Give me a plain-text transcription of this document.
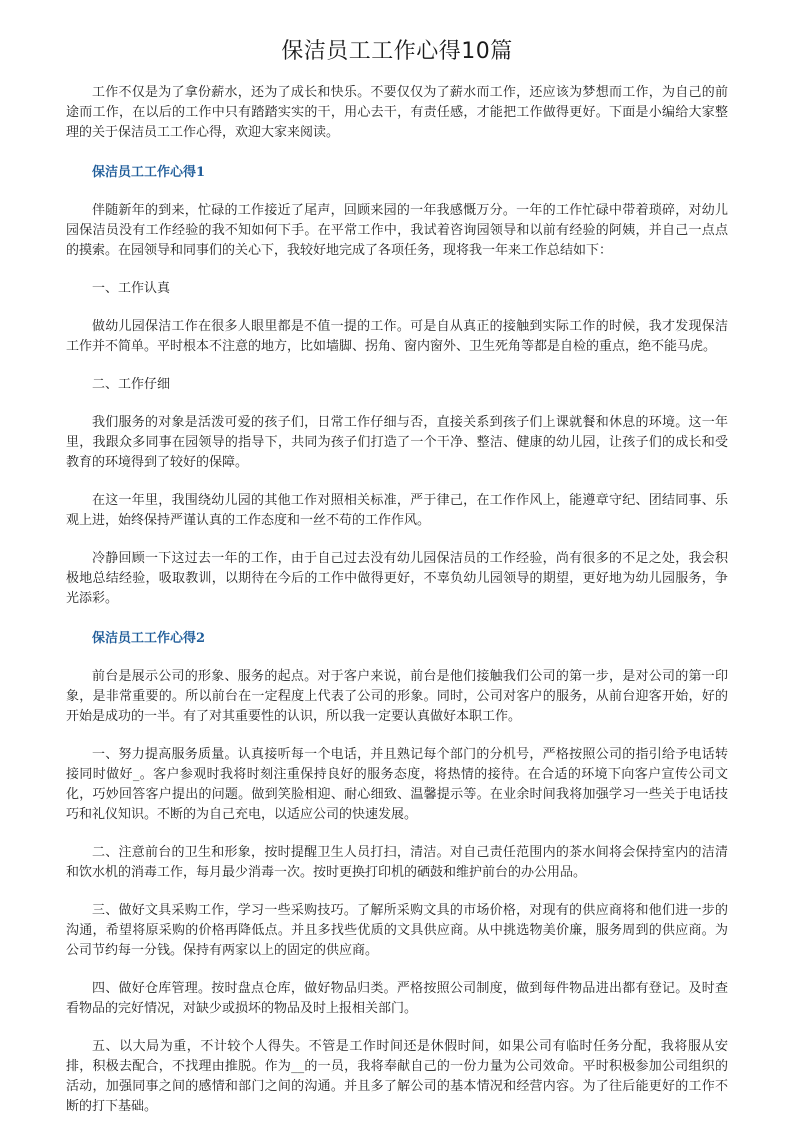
保洁员工工作心得10篇

工作不仅是为了拿份薪水，还为了成长和快乐。不要仅仅为了薪水而工作，还应该为梦想而工作，为自己的前途而工作，在以后的工作中只有踏踏实实的干，用心去干，有责任感，才能把工作做得更好。下面是小编给大家整理的关于保洁员工工作心得，欢迎大家来阅读。

保洁员工工作心得1

伴随新年的到来，忙碌的工作接近了尾声，回顾来园的一年我感慨万分。一年的工作忙碌中带着琐碎，对幼儿园保洁员没有工作经验的我不知如何下手。在平常工作中，我试着咨询园领导和以前有经验的阿姨，并自己一点点的摸索。在园领导和同事们的关心下，我较好地完成了各项任务，现将我一年来工作总结如下：

一、工作认真

做幼儿园保洁工作在很多人眼里都是不值一提的工作。可是自从真正的接触到实际工作的时候，我才发现保洁工作并不简单。平时根本不注意的地方，比如墙脚、拐角、窗内窗外、卫生死角等都是自检的重点，绝不能马虎。

二、工作仔细

我们服务的对象是活泼可爱的孩子们，日常工作仔细与否，直接关系到孩子们上课就餐和休息的环境。这一年里，我跟众多同事在园领导的指导下，共同为孩子们打造了一个干净、整洁、健康的幼儿园，让孩子们的成长和受教育的环境得到了较好的保障。

在这一年里，我围绕幼儿园的其他工作对照相关标准，严于律己，在工作作风上，能遵章守纪、团结同事、乐观上进，始终保持严谨认真的工作态度和一丝不苟的工作作风。

冷静回顾一下这过去一年的工作，由于自己过去没有幼儿园保洁员的工作经验，尚有很多的不足之处，我会积极地总结经验，吸取教训，以期待在今后的工作中做得更好，不辜负幼儿园领导的期望，更好地为幼儿园服务，争光添彩。

保洁员工工作心得2

前台是展示公司的形象、服务的起点。对于客户来说，前台是他们接触我们公司的第一步，是对公司的第一印象，是非常重要的。所以前台在一定程度上代表了公司的形象。同时，公司对客户的服务，从前台迎客开始，好的开始是成功的一半。有了对其重要性的认识，所以我一定要认真做好本职工作。

一、努力提高服务质量。认真接听每一个电话，并且熟记每个部门的分机号，严格按照公司的指引给予电话转接同时做好_。客户参观时我将时刻注重保持良好的服务态度，将热情的接待。在合适的环境下向客户宣传公司文化，巧妙回答客户提出的问题。做到笑脸相迎、耐心细致、温馨提示等。在业余时间我将加强学习一些关于电话技巧和礼仪知识。不断的为自己充电，以适应公司的快速发展。

二、注意前台的卫生和形象，按时提醒卫生人员打扫，清洁。对自己责任范围内的茶水间将会保持室内的洁清和饮水机的消毒工作，每月最少消毒一次。按时更换打印机的硒鼓和维护前台的办公用品。

三、做好文具采购工作，学习一些采购技巧。了解所采购文具的市场价格，对现有的供应商将和他们进一步的沟通，希望将原采购的价格再降低点。并且多找些优质的文具供应商。从中挑选物美价廉，服务周到的供应商。为公司节约每一分钱。保持有两家以上的固定的供应商。

四、做好仓库管理。按时盘点仓库，做好物品归类。严格按照公司制度，做到每件物品进出都有登记。及时查看物品的完好情况，对缺少或损坏的物品及时上报相关部门。

五、以大局为重，不计较个人得失。不管是工作时间还是休假时间，如果公司有临时任务分配，我将服从安排，积极去配合，不找理由推脱。作为__的一员，我将奉献自己的一份力量为公司效命。平时积极参加公司组织的活动，加强同事之间的感情和部门之间的沟通。并且多了解公司的基本情况和经营内容。为了往后能更好的工作不断的打下基础。
